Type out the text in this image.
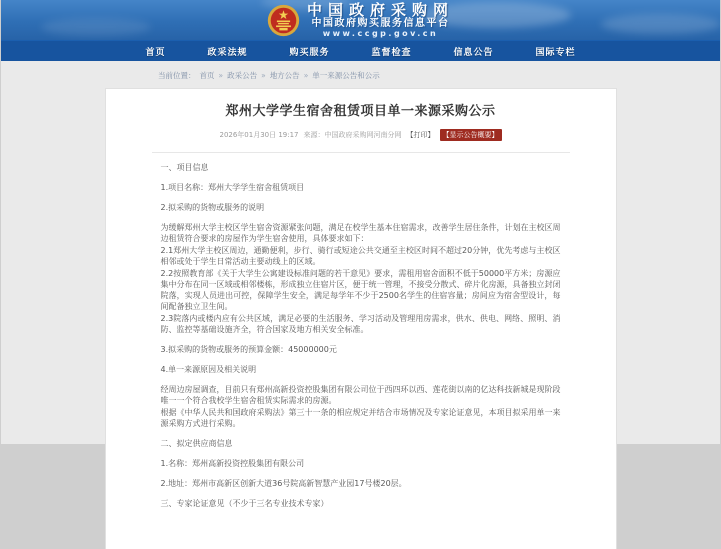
中国政府采购网
中国政府购买服务信息平台
www.ccgp.gov.cn
首页	政采法规	购买服务	监督检查	信息公告	国际专栏
当前位置： 首页 » 政采公告 » 地方公告 » 单一来源公告和公示
郑州大学学生宿舍租赁项目单一来源采购公示
2026年01月30日 19:17 来源：中国政府采购网河南分网 【打印】	【显示公告概要】

一、项目信息

1.项目名称：郑州大学学生宿舍租赁项目

2.拟采购的货物或服务的说明

为缓解郑州大学主校区学生宿舍资源紧张问题，满足在校学生基本住宿需求，改善学生居住条件，计划在主校区周边租赁符合要求的房屋作为学生宿舍使用，具体要求如下：

2.1郑州大学主校区周边，通勤便利，步行、骑行或短途公共交通至主校区时间不超过20分钟，优先考虑与主校区相邻或处于学生日常活动主要动线上的区域。

2.2按照教育部《关于大学生公寓建设标准问题的若干意见》要求，需租用宿舍面积不低于50000平方米；房源应集中分布在同一区域或相邻楼栋，形成独立住宿片区，便于统一管理，不接受分散式、碎片化房源，具备独立封闭院落，实现人员进出可控，保障学生安全，满足每学年不少于2500名学生的住宿容量；房间应为宿舍型设计，每间配备独立卫生间。

2.3院落内或楼内应有公共区域，满足必要的生活服务、学习活动及管理用房需求，供水、供电、网络、照明、消防、监控等基础设施齐全，符合国家及地方相关安全标准。

3.拟采购的货物或服务的预算金额：45000000元

4.单一来源原因及相关说明

经周边房屋调查，目前只有郑州高新投资控股集团有限公司位于西四环以西、莲花街以南的亿达科技新城是现阶段唯一一个符合我校学生宿舍租赁实际需求的房源。

根据《中华人民共和国政府采购法》第三十一条的相应规定并结合市场情况及专家论证意见，本项目拟采用单一来源采购方式进行采购。

二、拟定供应商信息

1.名称：郑州高新投资控股集团有限公司

2.地址：郑州市高新区创新大道36号院高新智慧产业园17号楼20层。

三、专家论证意见（不少于三名专业技术专家）
